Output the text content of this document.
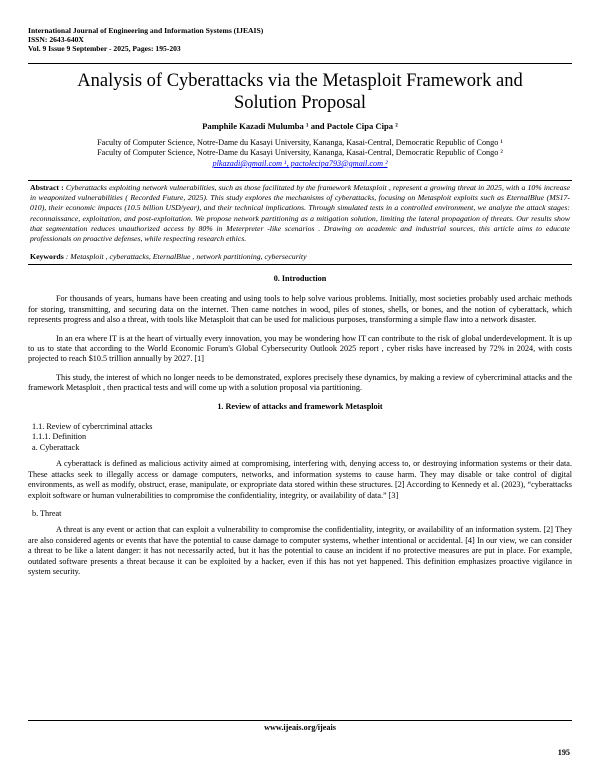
International Journal of Engineering and Information Systems (IJEAIS)
ISSN: 2643-640X
Vol. 9 Issue 9 September - 2025, Pages: 195-203
Analysis of Cyberattacks via the Metasploit Framework and
Solution Proposal
Pamphile Kazadi Mulumba ¹ and Pactole Cipa Cipa ²
Faculty of Computer Science, Notre-Dame du Kasayi University, Kananga, Kasai-Central, Democratic Republic of Congo ¹
Faculty of Computer Science, Notre-Dame du Kasayi University, Kananga, Kasai-Central, Democratic Republic of Congo ²
plkazadi@gmail.com ¹, pactolecipa793@gmail.com ²
Abstract : Cyberattacks exploiting network vulnerabilities, such as those facilitated by the framework Metasploit , represent a growing threat in 2025, with a 10% increase in weaponized vulnerabilities ( Recorded Future, 2025). This study explores the mechanisms of cyberattacks, focusing on Metasploit exploits such as EternalBlue (MS17-010), their economic impacts (10.5 billion USD/year), and their technical implications. Through simulated tests in a controlled environment, we analyze the attack stages: reconnaissance, exploitation, and post-exploitation. We propose network partitioning as a mitigation solution, limiting the lateral propagation of threats. Our results show that segmentation reduces unauthorized access by 80% in Meterpreter -like scenarios . Drawing on academic and industrial sources, this article aims to educate professionals on proactive defenses, while respecting research ethics.
Keywords : Metasploit , cyberattacks, EternalBlue , network partitioning, cybersecurity
0. Introduction

For thousands of years, humans have been creating and using tools to help solve various problems. Initially, most societies probably used archaic methods for storing, transmitting, and securing data on the internet. Then came notches in wood, piles of stones, shells, or bones, and the notion of cyberattack, which represents progress and also a threat, with tools like Metasploit that can be used for malicious purposes, transforming a simple flaw into a network disaster.

In an era where IT is at the heart of virtually every innovation, you may be wondering how IT can contribute to the risk of global underdevelopment. It is up to us to state that according to the World Economic Forum's Global Cybersecurity Outlook 2025 report , cyber risks have increased by 72% in 2024, with costs projected to reach $10.5 trillion annually by 2027. [1]

This study, the interest of which no longer needs to be demonstrated, explores precisely these dynamics, by making a review of cybercriminal attacks and the framework Metasploit , then practical tests and will come up with a solution proposal via partitioning.

1. Review of attacks and framework Metasploit

1.1. Review of cybercriminal attacks

1.1.1. Definition

a. Cyberattack

A cyberattack is defined as malicious activity aimed at compromising, interfering with, denying access to, or destroying information systems or their data. These attacks seek to illegally access or damage computers, networks, and information systems to cause harm. They may disable or take control of digital environments, as well as modify, obstruct, erase, manipulate, or expropriate data stored within these structures. [2] According to Kennedy et al. (2023), “cyberattacks exploit software or human vulnerabilities to compromise the confidentiality, integrity, or availability of data.” [3]

b. Threat

A threat is any event or action that can exploit a vulnerability to compromise the confidentiality, integrity, or availability of an information system. [2] They are also considered agents or events that have the potential to cause damage to computer systems, whether intentional or accidental. [4] In our view, we can consider a threat to be like a latent danger: it has not necessarily acted, but it has the potential to cause an incident if no protective measures are put in place. For example, outdated software presents a threat because it can be exploited by a hacker, even if this has not yet happened. This definition emphasizes proactive vigilance in system security.

www.ijeais.org/ijeais
195
